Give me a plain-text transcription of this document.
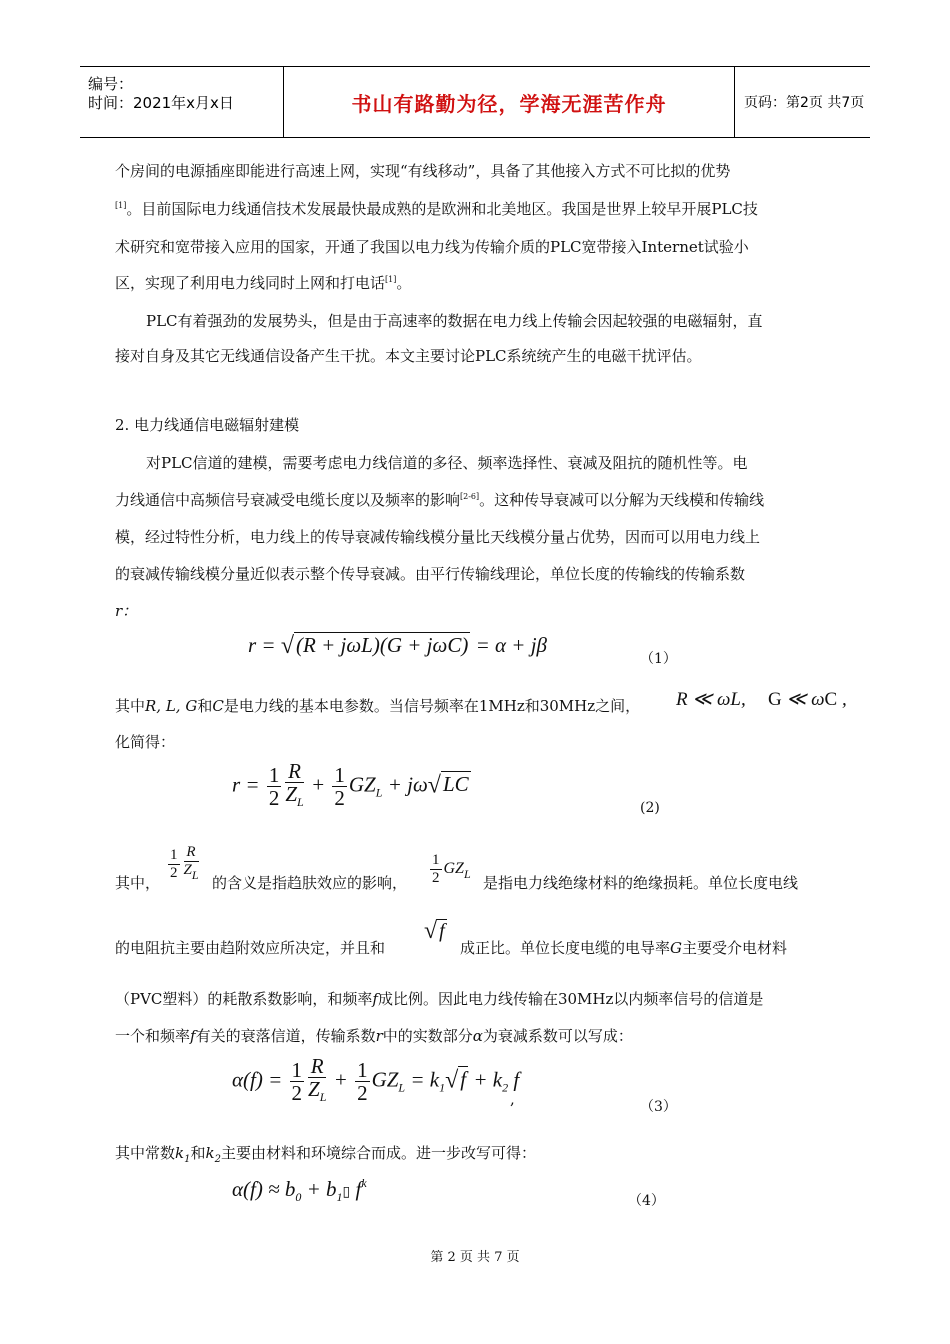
编号：
时间：2021年x月x日	书山有路勤为径，学海无涯苦作舟	页码：第2页 共7页
个房间的电源插座即能进行高速上网，实现“有线移动”，具备了其他接入方式不可比拟的优势
[1]。目前国际电力线通信技术发展最快最成熟的是欧洲和北美地区。我国是世界上较早开展PLC技
术研究和宽带接入应用的国家，开通了我国以电力线为传输介质的PLC宽带接入Internet试验小
区，实现了利用电力线同时上网和打电话[1]。
PLC有着强劲的发展势头，但是由于高速率的数据在电力线上传输会因起较强的电磁辐射，直
接对自身及其它无线通信设备产生干扰。本文主要讨论PLC系统统产生的电磁干扰评估。
2. 电力线通信电磁辐射建模
对PLC信道的建模，需要考虑电力线信道的多径、频率选择性、衰减及阻抗的随机性等。电
力线通信中高频信号衰减受电缆长度以及频率的影响[2-6]。这种传导衰减可以分解为天线模和传输线
模，经过特性分析，电力线上的传导衰减传输线模分量比天线模分量占优势，因而可以用电力线上
的衰减传输线模分量近似表示整个传导衰减。由平行传输线理论，单位长度的传输线的传输系数
r：
r = √(R + jωL)(G + jωC) = α + jβ
（1）
其中R, L, G和C是电力线的基本电参数。当信号频率在1MHz和30MHz之间， R ≪ ωL, G ≪ ωC ,
化简得：
$r = \frac{1}{2} \frac{R}{Z_L} + \frac{1}{2} GZ_L + j\omega√LC$
(2)
其中，
$\frac{1}{2} \frac{R}{Z_L}$ 的含义是指趋肤效应的影响， $\frac{1}{2} GZ_L$ 是指电力线绝缘材料的绝缘损耗。单位长度电线
的电阻抗主要由趋附效应所决定，并且和
√ f
成正比。单位长度电缆的电导率G主要受介电材料
（PVC塑料）的耗散系数影响，和频率f成比例。因此电力线传输在30MHz以内频率信号的信道是
一个和频率f有关的衰落信道，传输系数r中的实数部分α为衰减系数可以写成：
$\alpha(f) = \frac{1}{2} \frac{R}{Z_L} + \frac{1}{2} GZ_L = k_1√f + k_2$ f
,	（3）
其中常数$k_1$和$k_2$主要由材料和环境综合而成。进一步改写可得：
$\alpha(f) \approx b_0$ + $b_1▯$ $f^k$
（4）
第 2 页 共 7 页
